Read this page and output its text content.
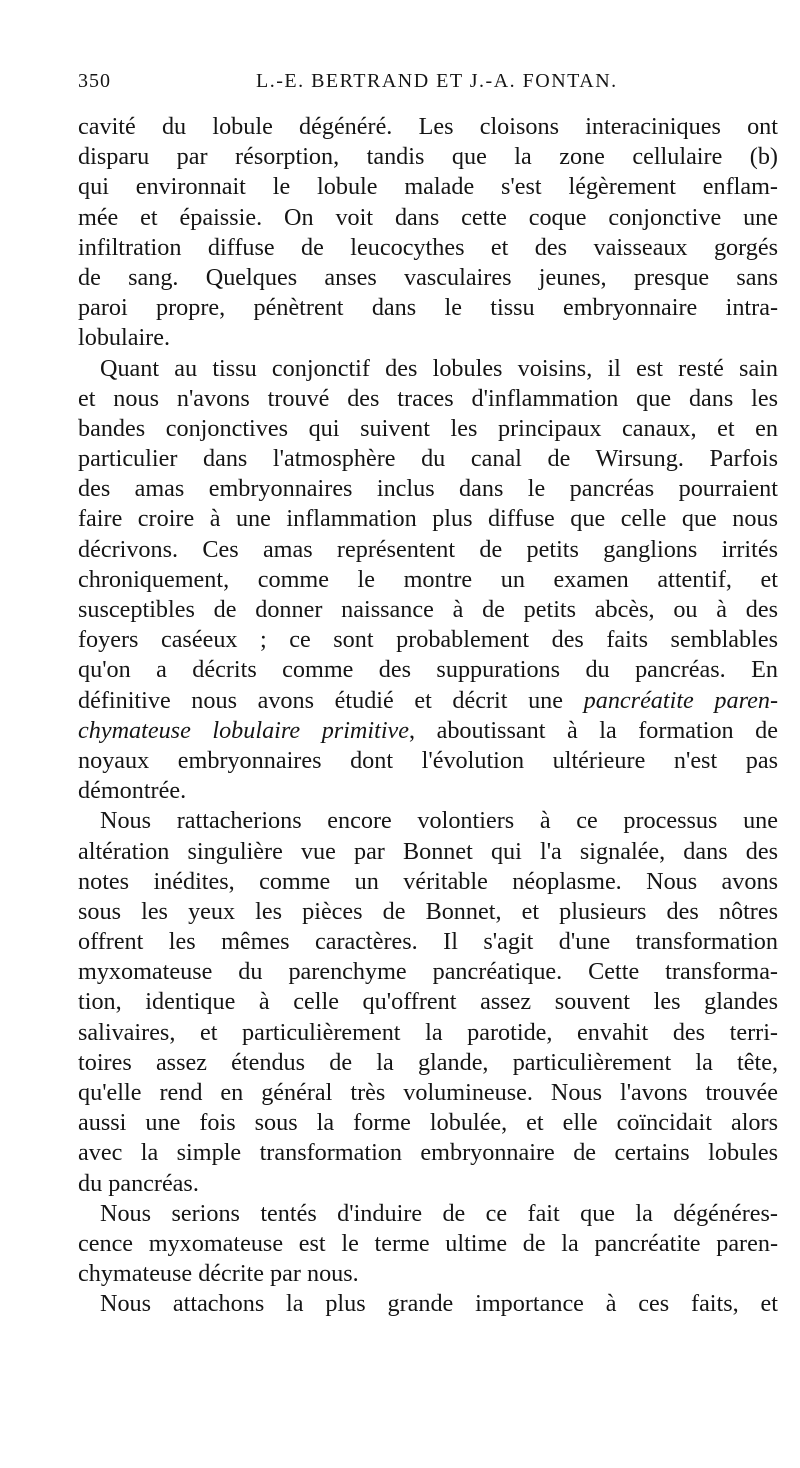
350	L.-E. BERTRAND ET J.-A. FONTAN.
cavité du lobule dégénéré. Les cloisons interaciniques ont
disparu par résorption, tandis que la zone cellulaire (b)
qui environnait le lobule malade s'est légèrement enflam-
mée et épaissie. On voit dans cette coque conjonctive une
infiltration diffuse de leucocythes et des vaisseaux gorgés
de sang. Quelques anses vasculaires jeunes, presque sans
paroi propre, pénètrent dans le tissu embryonnaire intra-
lobulaire.
Quant au tissu conjonctif des lobules voisins, il est resté sain
et nous n'avons trouvé des traces d'inflammation que dans les
bandes conjonctives qui suivent les principaux canaux, et en
particulier dans l'atmosphère du canal de Wirsung. Parfois
des amas embryonnaires inclus dans le pancréas pourraient
faire croire à une inflammation plus diffuse que celle que nous
décrivons. Ces amas représentent de petits ganglions irrités
chroniquement, comme le montre un examen attentif, et
susceptibles de donner naissance à de petits abcès, ou à des
foyers caséeux ; ce sont probablement des faits semblables
qu'on a décrits comme des suppurations du pancréas. En
définitive nous avons étudié et décrit une pancréatite paren-
chymateuse lobulaire primitive, aboutissant à la formation de
noyaux embryonnaires dont l'évolution ultérieure n'est pas
démontrée.
Nous rattacherions encore volontiers à ce processus une
altération singulière vue par Bonnet qui l'a signalée, dans des
notes inédites, comme un véritable néoplasme. Nous avons
sous les yeux les pièces de Bonnet, et plusieurs des nôtres
offrent les mêmes caractères. Il s'agit d'une transformation
myxomateuse du parenchyme pancréatique. Cette transforma-
tion, identique à celle qu'offrent assez souvent les glandes
salivaires, et particulièrement la parotide, envahit des terri-
toires assez étendus de la glande, particulièrement la tête,
qu'elle rend en général très volumineuse. Nous l'avons trouvée
aussi une fois sous la forme lobulée, et elle coïncidait alors
avec la simple transformation embryonnaire de certains lobules
du pancréas.
Nous serions tentés d'induire de ce fait que la dégénéres-
cence myxomateuse est le terme ultime de la pancréatite paren-
chymateuse décrite par nous.
Nous attachons la plus grande importance à ces faits, et
